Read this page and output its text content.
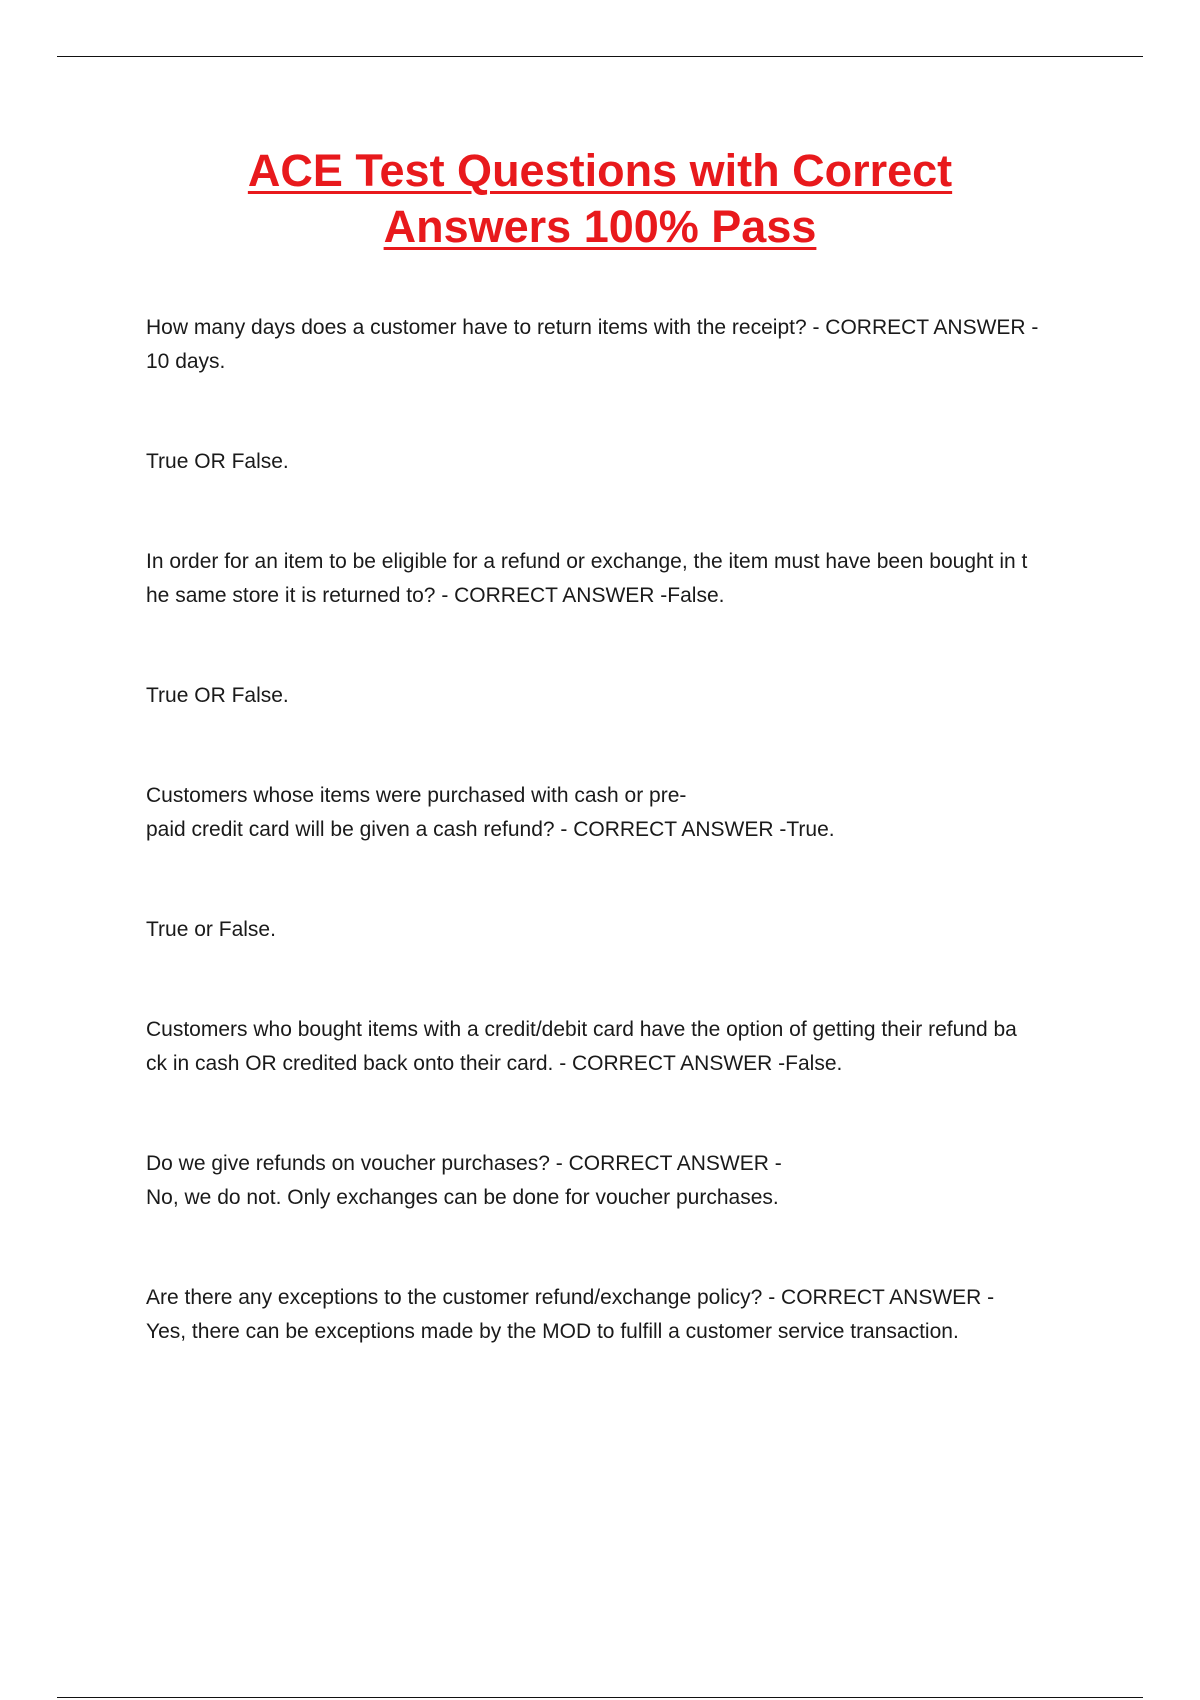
ACE Test Questions with Correct
Answers 100% Pass

How many days does a customer have to return items with the receipt? - CORRECT ANSWER -
10 days.

True OR False.

In order for an item to be eligible for a refund or exchange, the item must have been bought in t
he same store it is returned to? - CORRECT ANSWER -False.

True OR False.

Customers whose items were purchased with cash or pre-
paid credit card will be given a cash refund? - CORRECT ANSWER -True.

True or False.

Customers who bought items with a credit/debit card have the option of getting their refund ba
ck in cash OR credited back onto their card. - CORRECT ANSWER -False.

Do we give refunds on voucher purchases? - CORRECT ANSWER -
No, we do not. Only exchanges can be done for voucher purchases.

Are there any exceptions to the customer refund/exchange policy? - CORRECT ANSWER -
Yes, there can be exceptions made by the MOD to fulfill a customer service transaction.
